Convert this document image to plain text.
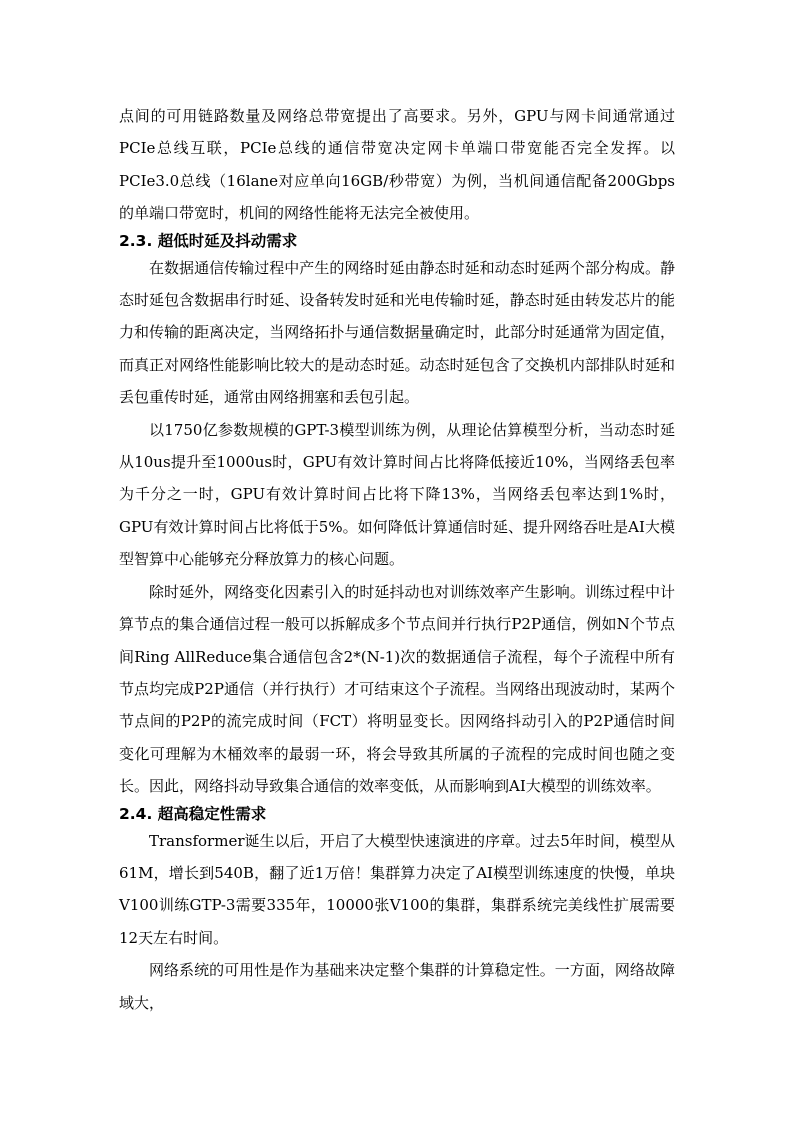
点间的可用链路数量及网络总带宽提出了高要求。另外，GPU与网卡间通常通过PCIe总线互联，PCIe总线的通信带宽决定网卡单端口带宽能否完全发挥。以PCIe3.0总线（16lane对应单向16GB/秒带宽）为例，当机间通信配备200Gbps的单端口带宽时，机间的网络性能将无法完全被使用。

2.3. 超低时延及抖动需求

在数据通信传输过程中产生的网络时延由静态时延和动态时延两个部分构成。静态时延包含数据串行时延、设备转发时延和光电传输时延，静态时延由转发芯片的能力和传输的距离决定，当网络拓扑与通信数据量确定时，此部分时延通常为固定值，而真正对网络性能影响比较大的是动态时延。动态时延包含了交换机内部排队时延和丢包重传时延，通常由网络拥塞和丢包引起。

以1750亿参数规模的GPT-3模型训练为例，从理论估算模型分析，当动态时延从10us提升至1000us时，GPU有效计算时间占比将降低接近10%，当网络丢包率为千分之一时，GPU有效计算时间占比将下降13%，当网络丢包率达到1%时，GPU有效计算时间占比将低于5%。如何降低计算通信时延、提升网络吞吐是AI大模型智算中心能够充分释放算力的核心问题。

除时延外，网络变化因素引入的时延抖动也对训练效率产生影响。训练过程中计算节点的集合通信过程一般可以拆解成多个节点间并行执行P2P通信，例如N个节点间Ring AllReduce集合通信包含2*(N-1)次的数据通信子流程，每个子流程中所有节点均完成P2P通信（并行执行）才可结束这个子流程。当网络出现波动时，某两个节点间的P2P的流完成时间（FCT）将明显变长。因网络抖动引入的P2P通信时间变化可理解为木桶效率的最弱一环，将会导致其所属的子流程的完成时间也随之变长。因此，网络抖动导致集合通信的效率变低，从而影响到AI大模型的训练效率。

2.4. 超高稳定性需求

Transformer诞生以后，开启了大模型快速演进的序章。过去5年时间，模型从61M，增长到540B，翻了近1万倍！集群算力决定了AI模型训练速度的快慢，单块V100训练GTP-3需要335年，10000张V100的集群，集群系统完美线性扩展需要12天左右时间。

网络系统的可用性是作为基础来决定整个集群的计算稳定性。一方面，网络故障域大，
